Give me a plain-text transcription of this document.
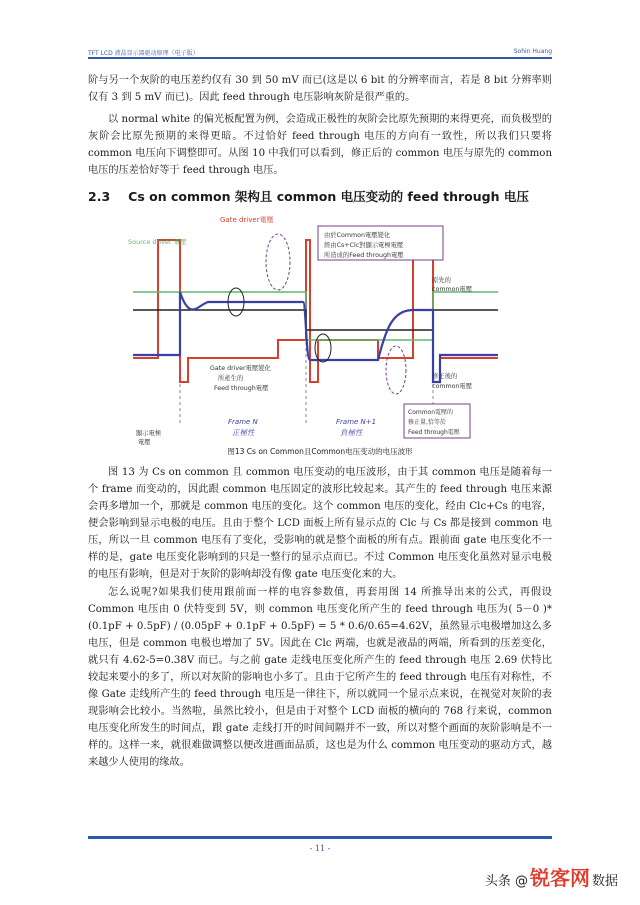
TFT LCD 液晶显示器驱动原理（电子版）	Sohin Huang
阶与另一个灰阶的电压差约仅有 30 到 50 mV 而已(这是以 6 bit 的分辨率而言，若是 8 bit 分辨率则仅有 3 到 5 mV 而已)。因此 feed through 电压影响灰阶是很严重的。
以 normal white 的偏光板配置为例，会造成正极性的灰阶会比原先预期的来得更亮，而负极型的灰阶会比原先预期的来得更暗。不过恰好 feed through 电压的方向有一致性，所以我们只要将 common 电压向下调整即可。从图 10 中我们可以看到，修正后的 common 电压与原先的 common 电压的压差恰好等于 feed through 电压。
2.3 Cs on common 架构且 common 电压变动的 feed through 电压
Gate driver電壓
Source driver 電壓
由於Common電壓變化
經由Cs+Clc對顯示電極電壓
所造成的Feed through電壓
原先的
common電壓
Gate driver電壓變化
所產生的
Feed through電壓
修正後的
common電壓
顯示電極
電壓
Frame N
正極性
Frame N+1
負極性
Common電壓的
修正量,恰等於
Feed through電壓
图13 Cs on Common且Common电压变动的电压波形
图 13 为 Cs on common 且 common 电压变动的电压波形，由于其 common 电压是随着每一个 frame 而变动的，因此跟 common 电压固定的波形比较起来。其产生的 feed through 电压来源会再多增加一个，那就是 common 电压的变化。这个 common 电压的变化，经由 Clc+Cs 的电容，便会影响到显示电极的电压。且由于整个 LCD 面板上所有显示点的 Clc 与 Cs 都是接到 common 电压，所以一旦 common 电压有了变化，受影响的就是整个面板的所有点。跟前面 gate 电压变化不一样的是，gate 电压变化影响到的只是一整行的显示点而已。不过 Common 电压变化虽然对显示电极的电压有影响，但是对于灰阶的影响却没有像 gate 电压变化来的大。
怎么说呢?如果我们使用跟前面一样的电容参数值，再套用图 14 所推导出来的公式，再假设 Common 电压由 0 伏特变到 5V，则 common 电压变化所产生的 feed through 电压为( 5－0 )*(0.1pF + 0.5pF) / (0.05pF + 0.1pF + 0.5pF) = 5 * 0.6/0.65=4.62V，虽然显示电极增加这么多电压，但是 common 电极也增加了 5V。因此在 Clc 两端，也就是液晶的两端，所看到的压差变化，就只有 4.62-5=0.38V 而已。与之前 gate 走线电压变化所产生的 feed through 电压 2.69 伏特比较起来要小的多了，所以对灰阶的影响也小多了。且由于它所产生的 feed through 电压有对称性，不像 Gate 走线所产生的 feed through 电压是一律往下，所以就同一个显示点来说，在视觉对灰阶的表现影响会比较小。当然啦，虽然比较小，但是由于对整个 LCD 面板的横向的 768 行来说，common 电压变化所发生的时间点，跟 gate 走线打开的时间间隔并不一致，所以对整个画面的灰阶影响是不一样的。这样一来，就很难做调整以便改进画面品质，这也是为什么 common 电压变动的驱动方式，越来越少人使用的缘故。
- 11 -
头条 @ 锐客网 数据
